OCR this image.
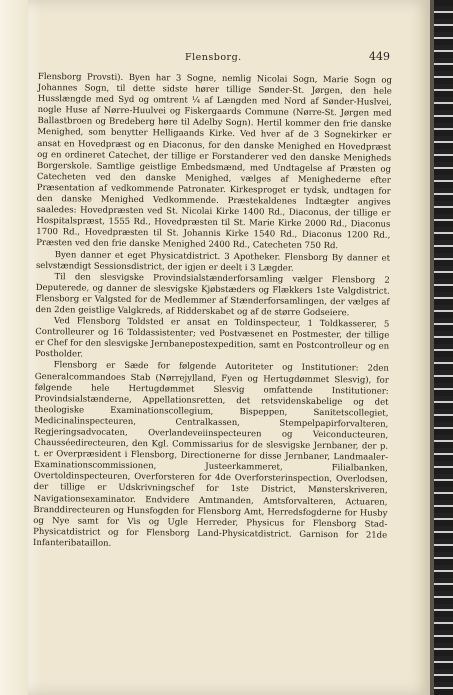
Flensborg.	449

Flensborg Provsti). Byen har 3 Sogne, nemlig Nicolai Sogn, Marie Sogn og Johannes Sogn, til dette sidste hører tillige Sønder-St. Jørgen, den hele Husslængde med Syd og omtrent ¼ af Længden med Nord af Sønder-Huslvei, nogle Huse af Nørre-Huulvei og Fiskergaards Commune (Nørre-St. Jørgen med Ballastbroen og Bredeberg høre til Adelby Sogn). Hertil kommer den frie danske Menighed, som benytter Helligaands Kirke. Ved hver af de 3 Sognekirker er ansat en Hovedpræst og en Diaconus, for den danske Menighed en Hovedpræst og en ordineret Catechet, der tillige er Forstanderer ved den danske Menigheds Borgerskole. Samtlige geistlige Embedsmænd, med Undtagelse af Præsten og Catecheten ved den danske Menighed, vælges af Menighederne efter Præsentation af vedkommende Patronater. Kirkesproget er tydsk, undtagen for den danske Menighed Vedkommende. Præstekaldenes Indtægter angives saaledes: Hovedpræsten ved St. Nicolai Kirke 1400 Rd., Diaconus, der tillige er Hospitalspræst, 1555 Rd., Hovedpræsten til St. Marie Kirke 2000 Rd., Diaconus 1700 Rd., Hovedpræsten til St. Johannis Kirke 1540 Rd., Diaconus 1200 Rd., Præsten ved den frie danske Menighed 2400 Rd., Catecheten 750 Rd.

Byen danner et eget Physicatdistrict. 3 Apotheker. Flensborg By danner et selvstændigt Sessionsdistrict, der igjen er deelt i 3 Lægder.

Til den slesvigske Provindsialstænderforsamling vælger Flensborg 2 Deputerede, og danner de slesvigske Kjøbstæders og Flækkers 1ste Valgdistrict. Flensborg er Valgsted for de Medlemmer af Stænderforsamlingen, der vælges af den 2den geistlige Valgkreds, af Ridderskabet og af de større Godseiere.

Ved Flensborg Toldsted er ansat en Toldinspecteur, 1 Toldkasserer, 5 Controlleurer og 16 Toldassistenter; ved Postvæsenet en Postmester, der tillige er Chef for den slesvigske Jernbanepostexpedition, samt en Postcontrolleur og en Postholder.

Flensborg er Sæde for følgende Autoriteter og Institutioner: 2den Generalcommandoes Stab (Nørrejylland, Fyen og Hertugdømmet Slesvig), for følgende hele Hertugdømmet Slesvig omfattende Institutioner: Provindsialstænderne, Appellationsretten, det retsvidenskabelige og det theologiske Examinationscollegium, Bispeppen, Sanitetscollegiet, Medicinalinspecteuren, Centralkassen, Stempelpapirforvalteren, Regjeringsadvocaten, Overlandeveiinspecteuren og Veiconducteuren, Chausséedirecteuren, den Kgl. Commissarius for de slesvigske Jernbaner, der p. t. er Overpræsident i Flensborg, Directionerne for disse Jernbaner, Landmaaler-Examinationscommissionen, Justeerkammeret, Filialbanken, Overtoldinspecteuren, Overforsteren for 4de Overforsterinspection, Overlodsen, der tillige er Udskrivningschef for 1ste District, Mønsterskriveren, Navigationsexaminator. Endvidere Amtmanden, Amtsforvalteren, Actuaren, Branddirecteuren og Hunsfogden for Flensborg Amt, Herredsfogderne for Husby og Nye samt for Vis og Ugle Herreder, Physicus for Flensborg Stad-Physicatdistrict og for Flensborg Land-Physicatdistrict. Garnison for 21de Infanteribataillon.
